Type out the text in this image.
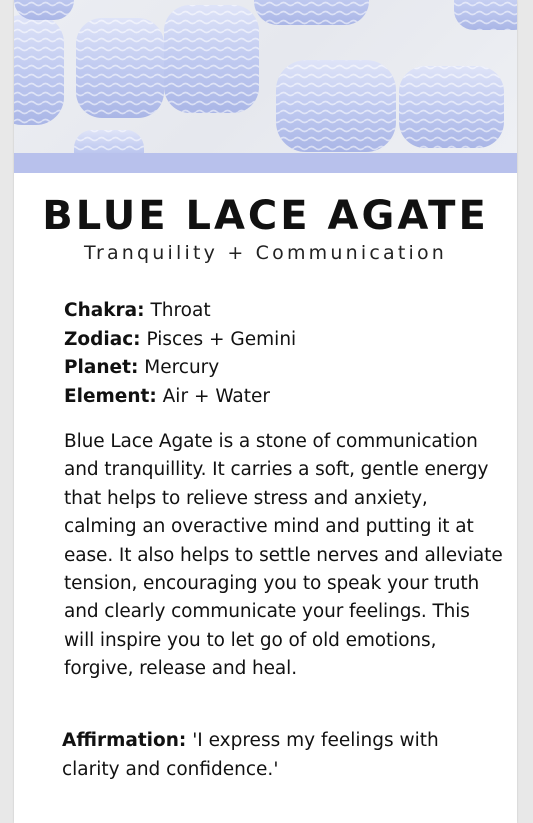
BLUE LACE AGATE
Tranquility + Communication
Chakra: Throat
Zodiac: Pisces + Gemini
Planet: Mercury
Element: Air + Water

Blue Lace Agate is a stone of communication and tranquillity. It carries a soft, gentle energy that helps to relieve stress and anxiety, calming an overactive mind and putting it at ease. It also helps to settle nerves and alleviate tension, encouraging you to speak your truth and clearly communicate your feelings. This will inspire you to let go of old emotions, forgive, release and heal.

Affirmation: 'I express my feelings with clarity and confidence.'
